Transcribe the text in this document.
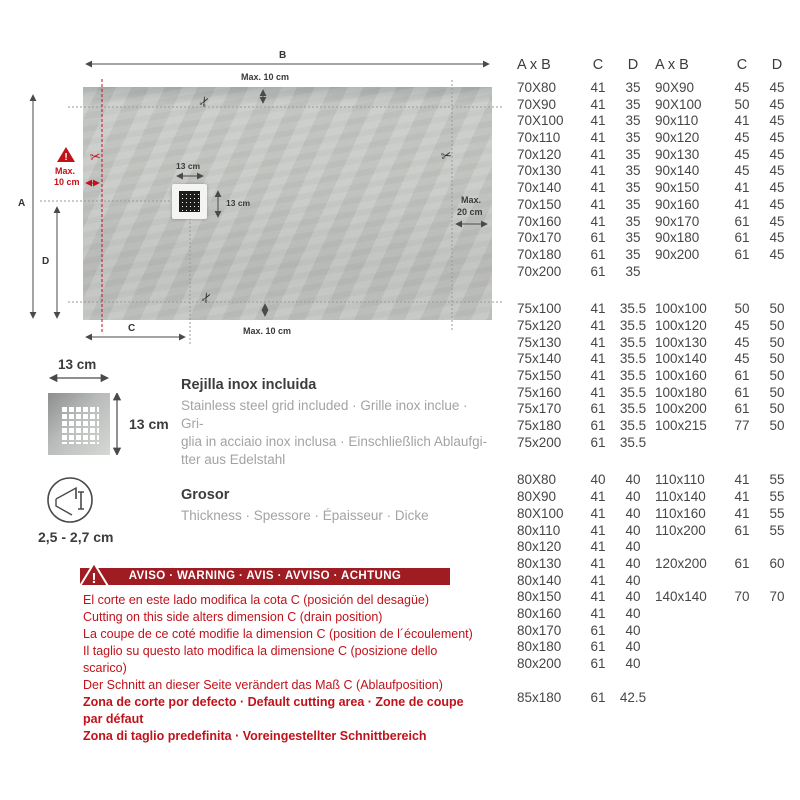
✂
✂
✂
✂
!
B
A
D
C
Max. 10 cm
Max. 10 cm
Max.
20 cm
Max.
10 cm
13 cm
13 cm
13 cm
13 cm
Rejilla inox incluida
Stainless steel grid included · Grille inox inclue · Gri-
glia in acciaio inox inclusa · Einschließlich Ablaufgi-
tter aus Edelstahl
2,5 - 2,7 cm
Grosor
Thickness · Spessore · Épaisseur · Dicke
AVISO · WARNING · AVIS · AVVISO · ACHTUNG
!
El corte en este lado modifica la cota C (posición del desagüe)
Cutting on this side alters dimension C (drain position)
La coupe de ce coté modifie la dimension C (position de l´écoulement)
Il taglio su questo lato modifica la dimensione C (posizione dello scarico)
Der Schnitt an dieser Seite verändert das Maß C (Ablaufposition)
Zona de corte por defecto · Default cutting area · Zone de coupe par défaut
Zona di taglio predefinita · Voreingestellter Schnittbereich
A x B	C	D	A x B	C	D
70X80	41	35	90X90	45	45
70X90	41	35	90X100	50	45
70X100	41	35	90x110	41	45
70x110	41	35	90x120	45	45
70x120	41	35	90x130	45	45
70x130	41	35	90x140	45	45
70x140	41	35	90x150	41	45
70x150	41	35	90x160	41	45
70x160	41	35	90x170	61	45
70x170	61	35	90x180	61	45
70x180	61	35	90x200	61	45
70x200	61	35
75x100	41	35.5 100x100	50	50
75x120	41	35.5 100x120	45	50
75x130	41	35.5 100x130	45	50
75x140	41	35.5 100x140	45	50
75x150	41	35.5 100x160	61	50
75x160	41	35.5 100x180	61	50
75x170	61	35.5 100x200	61	50
75x180	61	35.5 100x215	77	50
75x200	61	35.5
80X80	40	40	110x110	41	55
80X90	41	40	110x140	41	55
80X100	41	40	110x160	41	55
80x110	41	40	110x200	61	55
80x120	41	40
80x130	41	40	120x200	61	60
80x140	41	40
80x150	41	40	140x140	70	70
80x160	41	40
80x170	61	40
80x180	61	40
80x200	61	40
85x180	61	42.5
